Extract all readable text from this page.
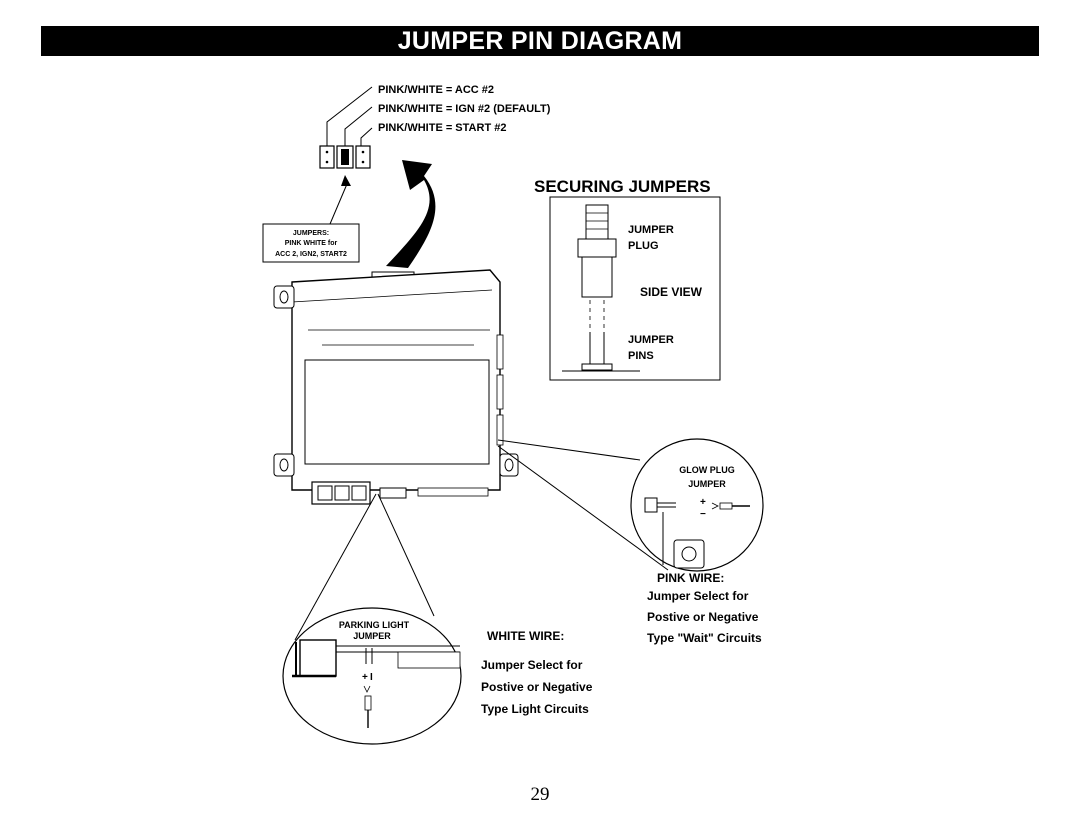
JUMPER PIN DIAGRAM
PINK/WHITE = ACC #2
PINK/WHITE = IGN #2 (DEFAULT)
PINK/WHITE = START #2
JUMPERS:
PINK WHITE for
ACC 2, IGN2, START2
SECURING JUMPERS
JUMPER
PLUG
SIDE VIEW
JUMPER
PINS
GLOW PLUG
JUMPER
+
−
PINK WIRE:
Jumper Select for
Postive or Negative
Type "Wait" Circuits
PARKING LIGHT
JUMPER
+ I
WHITE WIRE:
Jumper Select for
Postive or Negative
Type Light Circuits
29
